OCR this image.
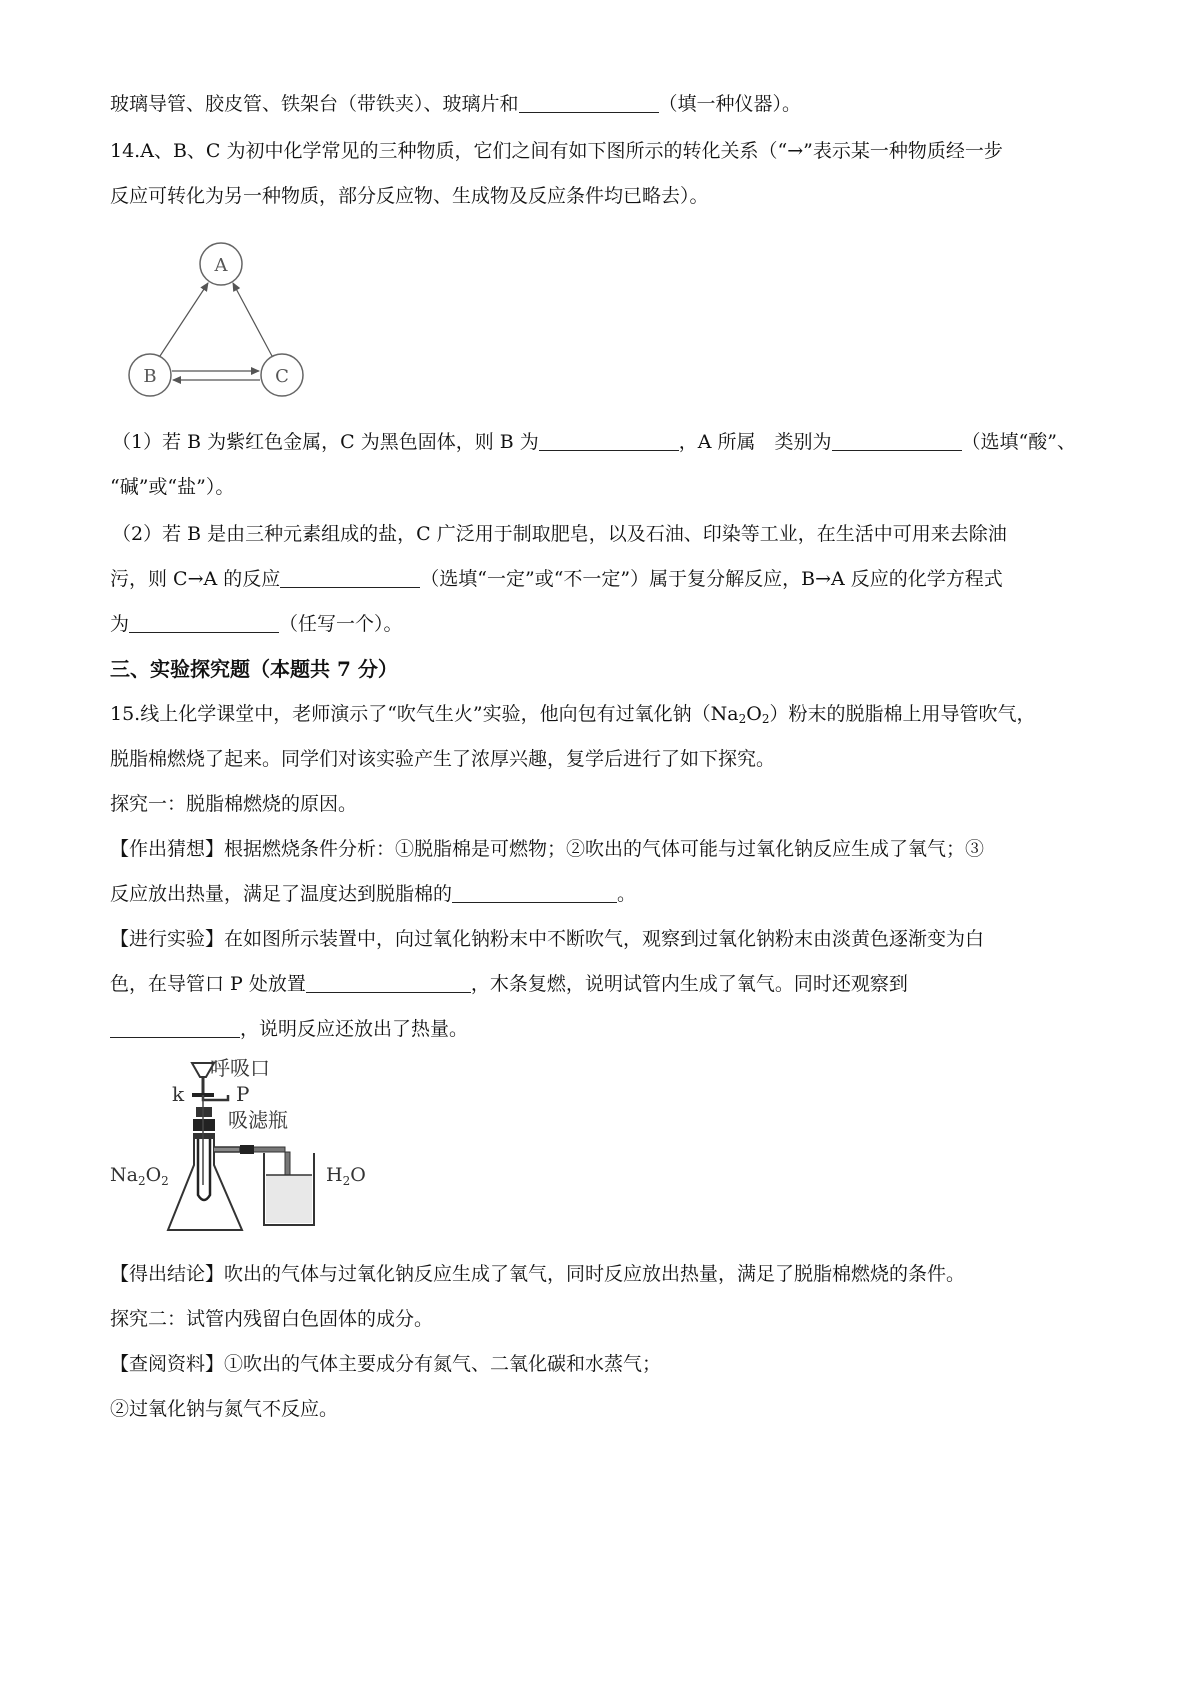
玻璃导管、胶皮管、铁架台（带铁夹）、玻璃片和	（填一种仪器）。
14.A、B、C 为初中化学常见的三种物质，它们之间有如下图所示的转化关系（“→”表示某一种物质经一步
反应可转化为另一种物质，部分反应物、生成物及反应条件均已略去）。
A
B	C
（1）若 B 为紫红色金属，C 为黑色固体，则 B 为	，A 所属　类别为	（选填“酸”、
“碱”或“盐”）。
（2）若 B 是由三种元素组成的盐，C 广泛用于制取肥皂，以及石油、印染等工业，在生活中可用来去除油
污，则 C→A 的反应	（选填“一定”或“不一定”）属于复分解反应，B→A 反应的化学方程式
为	（任写一个）。
三、实验探究题（本题共 7 分）
15.线上化学课堂中，老师演示了“吹气生火”实验，他向包有过氧化钠$(Na_2O_2)$粉末的脱脂棉上用导管吹气，
脱脂棉燃烧了起来。同学们对该实验产生了浓厚兴趣，复学后进行了如下探究。
探究一：脱脂棉燃烧的原因。
【作出猜想】根据燃烧条件分析：①脱脂棉是可燃物；②吹出的气体可能与过氧化钠反应生成了氧气；③
反应放出热量，满足了温度达到脱脂棉的	。
【进行实验】在如图所示装置中，向过氧化钠粉末中不断吹气，观察到过氧化钠粉末由淡黄色逐渐变为白
色，在导管口 P 处放置	，木条复燃，说明试管内生成了氧气。同时还观察到
，说明反应还放出了热量。
呼吸口
k	P
吸滤瓶
$Na_2O_2$	$H_2O$
【得出结论】吹出的气体与过氧化钠反应生成了氧气，同时反应放出热量，满足了脱脂棉燃烧的条件。
探究二：试管内残留白色固体的成分。
【查阅资料】①吹出的气体主要成分有氮气、二氧化碳和水蒸气；
②过氧化钠与氮气不反应。
